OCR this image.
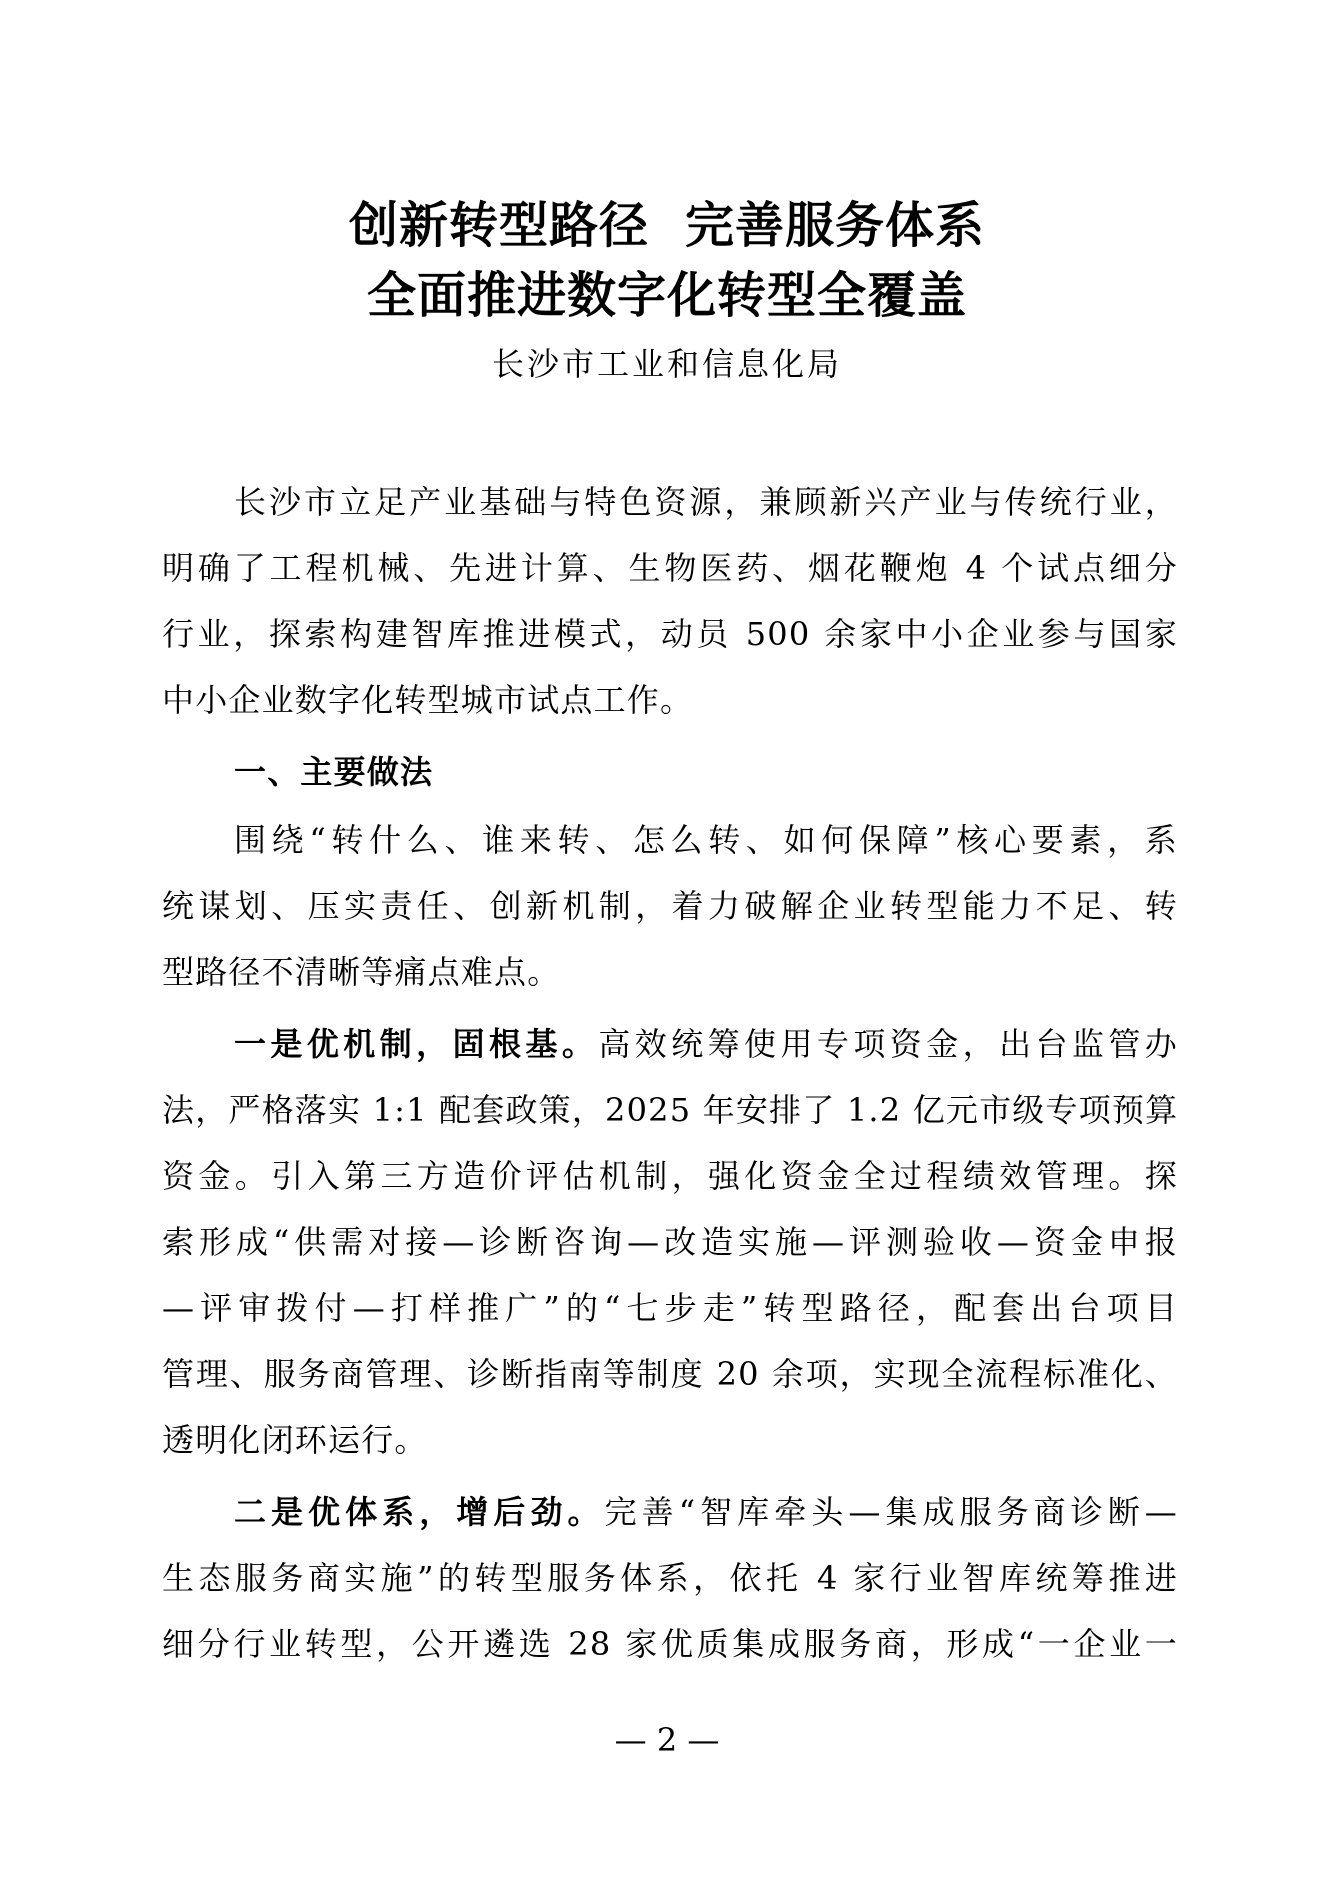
创新转型路径  完善服务体系
全面推进数字化转型全覆盖
长沙市工业和信息化局
长沙市立足产业基础与特色资源，兼顾新兴产业与传统行业，
明确了工程机械、先进计算、生物医药、烟花鞭炮 4 个试点细分
行业，探索构建智库推进模式，动员 500 余家中小企业参与国家
中小企业数字化转型城市试点工作。
一、主要做法
围绕“转什么、谁来转、怎么转、如何保障”核心要素，系
统谋划、压实责任、创新机制，着力破解企业转型能力不足、转
型路径不清晰等痛点难点。
一是优机制，固根基。高效统筹使用专项资金，出台监管办
法，严格落实 1:1 配套政策，2025 年安排了 1.2 亿元市级专项预算
资金。引入第三方造价评估机制，强化资金全过程绩效管理。探
索形成“供需对接—诊断咨询—改造实施—评测验收—资金申报
—评审拨付—打样推广”的“七步走”转型路径，配套出台项目
管理、服务商管理、诊断指南等制度 20 余项，实现全流程标准化、
透明化闭环运行。
二是优体系，增后劲。完善“智库牵头—集成服务商诊断—
生态服务商实施”的转型服务体系，依托 4 家行业智库统筹推进
细分行业转型，公开遴选 28 家优质集成服务商，形成“一企业一
— 2 —
